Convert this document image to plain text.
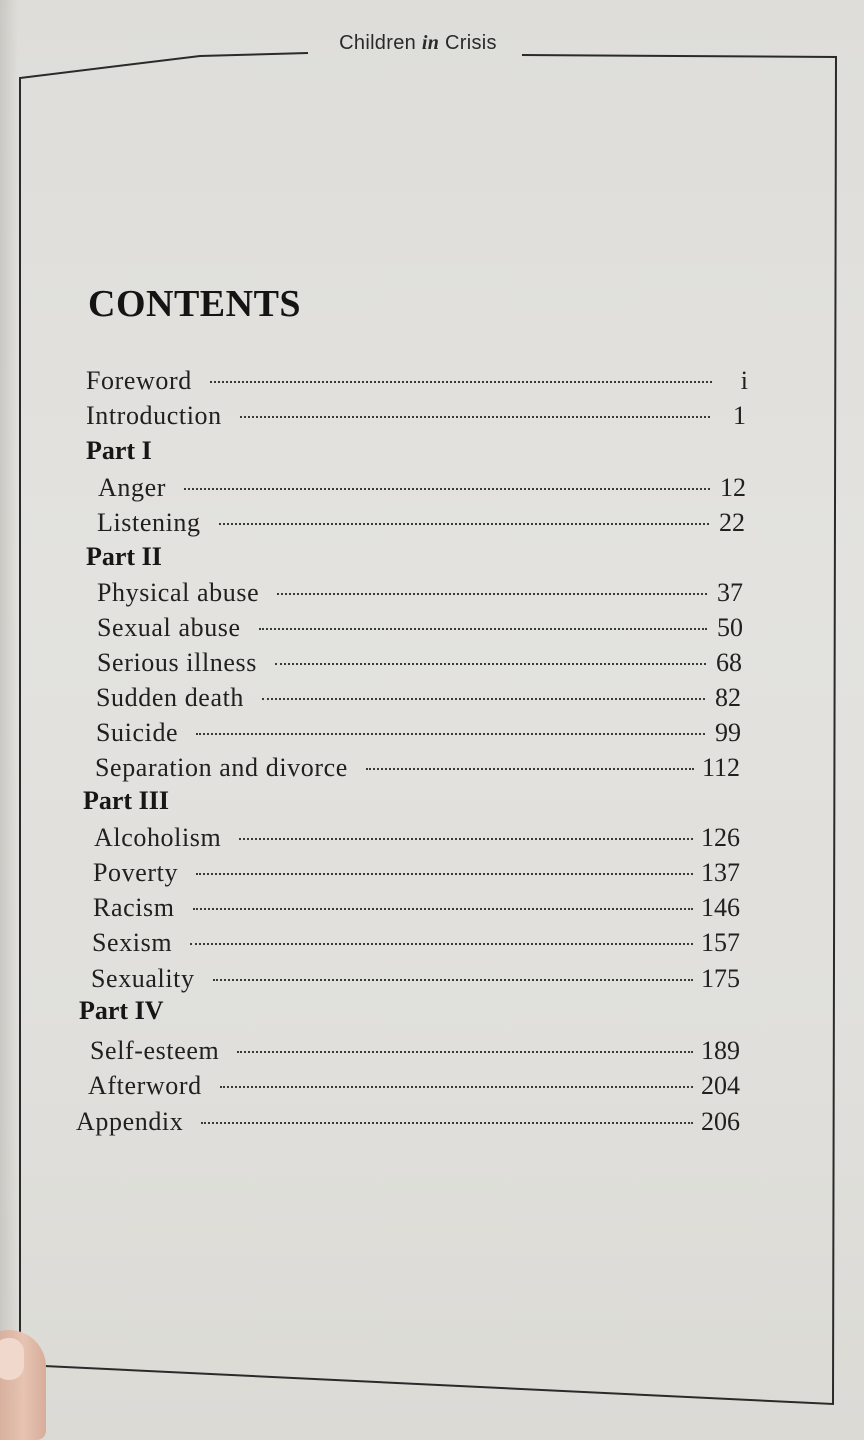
Children in Crisis
CONTENTS
Foreword	i
Introduction	1
Part I
Anger	12
Listening	22
Part II
Physical abuse	37
Sexual abuse	50
Serious illness	68
Sudden death	82
Suicide	99
Separation and divorce	112
Part III
Alcoholism	126
Poverty	137
Racism	146
Sexism	157
Sexuality	175
Part IV
Self-esteem	189
Afterword	204
Appendix	206
